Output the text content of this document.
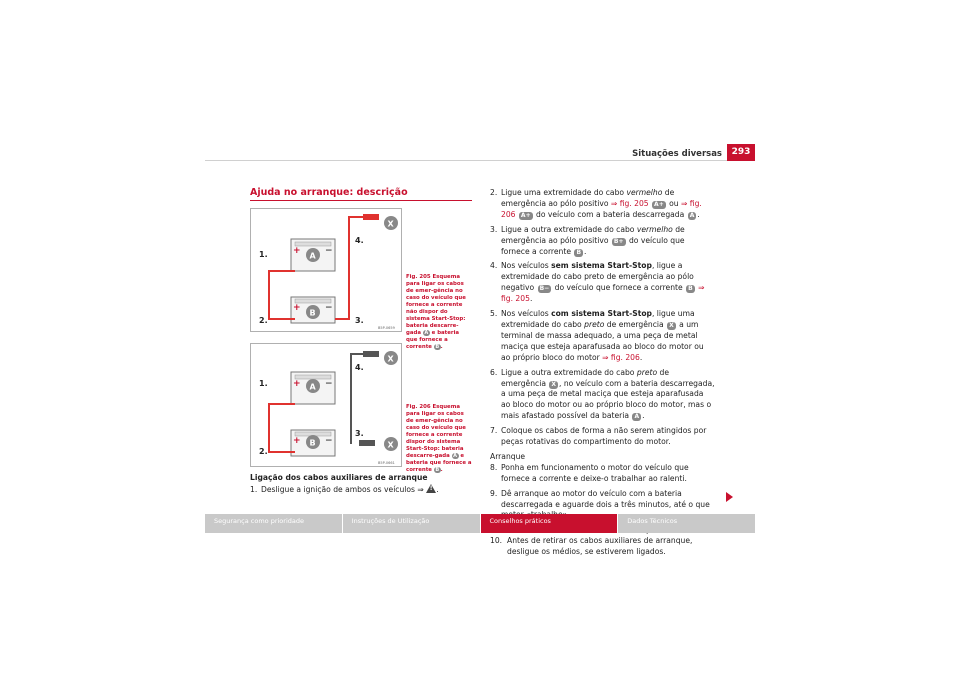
Situações diversas	293
Ajuda no arranque: descrição
+	−
A
+	−
B
X
1.
2.	3.
4.
B5P-0659
Fig. 205 Esquema para ligar os cabos de emer-gência no caso do veículo que fornece a corrente não dispor do sistema Start-Stop: bateria descarre-gada A e bateria que fornece a corrente B .
+	−
A
+	−
B
X
X
1.
2.
3.
4.
B5P-0661
Fig. 206 Esquema para ligar os cabos de emer-gência no caso do veículo que fornece a corrente dispor do sistema Start-Stop: bateria descarre-gada A e bateria que fornece a corrente B .

Ligação dos cabos auxiliares de arranque

1. Desligue a ignição de ambos os veículos ⇒ ! .
2. Ligue uma extremidade do cabo vermelho de emergência ao pólo positivo ⇒ fig. 205 A+ ou ⇒ fig. 206 A+ do veículo com a bateria descarregada A .
3. Ligue a outra extremidade do cabo vermelho de emergência ao pólo positivo B+ do veículo que fornece a corrente B .
4. Nos veículos sem sistema Start-Stop, ligue a extremidade do cabo preto de emergência ao pólo negativo B− do veículo que fornece a corrente B ⇒ fig. 205.
5. Nos veículos com sistema Start-Stop, ligue uma extremidade do cabo preto de emergência X a um terminal de massa adequado, a uma peça de metal maciça que esteja aparafusada ao bloco do motor ou ao próprio bloco do motor ⇒ fig. 206.
6. Ligue a outra extremidade do cabo preto de emergência X , no veículo com a bateria descarregada, a uma peça de metal maciça que esteja aparafusada ao bloco do motor ou ao próprio bloco do motor, mas o mais afastado possível da bateria A .
7. Coloque os cabos de forma a não serem atingidos por peças rotativas do compartimento do motor.

Arranque

8. Ponha em funcionamento o motor do veículo que fornece a corrente e deixe-o trabalhar ao ralenti.
9. Dê arranque ao motor do veículo com a bateria descarregada e aguarde dois a três minutos, até o que

10. Antes de retirar os cabos auxiliares de arranque, desligue os médios, se estiverem ligados.
Segurança como prioridade	Instruções de Utilização	Conselhos práticos	Dados Técnicos
